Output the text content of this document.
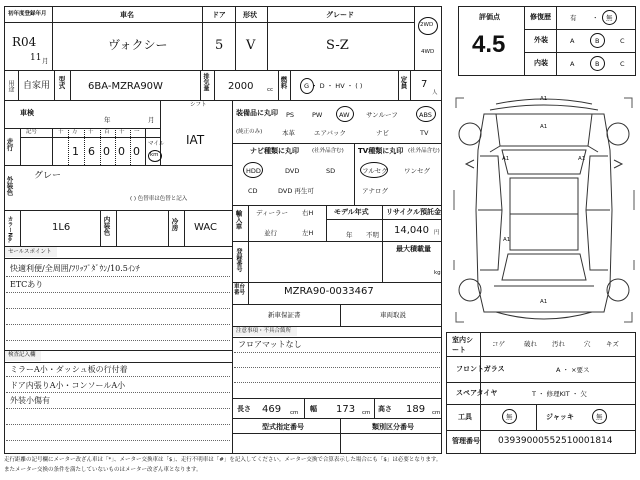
初年度登録年月	車名	ドア 形状	グレード
R04
11 月
ヴォクシー	5 V	S-Z
2WD
4WD
用途 自家用 型式 6BA-MZRA90W	排気量 2000 cc
燃料	G ・ D ・ HV ・ ( )	定員 7
人
車検
年	月
シフト
IAT
走行
記号	十 万 千 百 十 一
1 6 0 0 0
マイル
km
外装色 グレー
( ) 色替車は色替と記入
カラーNo.	1L6	内装色	冷房 WAC
セールスポイント
快適利便/全周囲/ﾌﾘｯﾌﾟﾀﾞｳﾝ/10.5ｲﾝﾁ
ETCあり
検査記入欄
ミラーA小・ダッシュ板の行付着
ドア内張りA小・コンソールA小
外装小傷有
装備品に丸印
(純正のみ)
PS	PW	AW	サンルーフ	ABS
本革	エアバック	ナビ	TV
ナビ種類に丸印 (社外品含む)
HDD	DVD	SD
CD	DVD 再生可
TV種類に丸印 (社外品含む)
フルセグ	ワンセグ
アナログ
輸入車 ディーラー
並行
右H
左H
モデル年式
年 不明
リサイクル預託金
14,040 円
登録番号	最大積載量
kg
車台番号	MZRA90-0033467
新車保証書	車両取説
注意事項・不具合箇所
フロアマットなし
長さ 469 cm 幅 173 cm 高さ 189 cm
型式指定番号	類別区分番号
評価点
4.5
修復歴	有 ・ 無
外装	A	B	C
内装	A	B	C
A1
A1
A1	A1
A1
A1
室内シート
コゲ	破れ 汚れ	穴 キズ
フロントガラス	A ・ ×要ス
スペアタイヤ	T ・ 修理KIT ・ 欠
工具	無	ジャッキ	無
管理番号 03939000552510001814
走行距離の記号欄にメーター改ざん車は「*」、メーター交換車は「$」、走行不明車は「#」を記入してください。メーター交換で合算表示した場合にも「$」は必要となります。
またメーター交換の条件を満たしていないものはメーター改ざん車となります。
